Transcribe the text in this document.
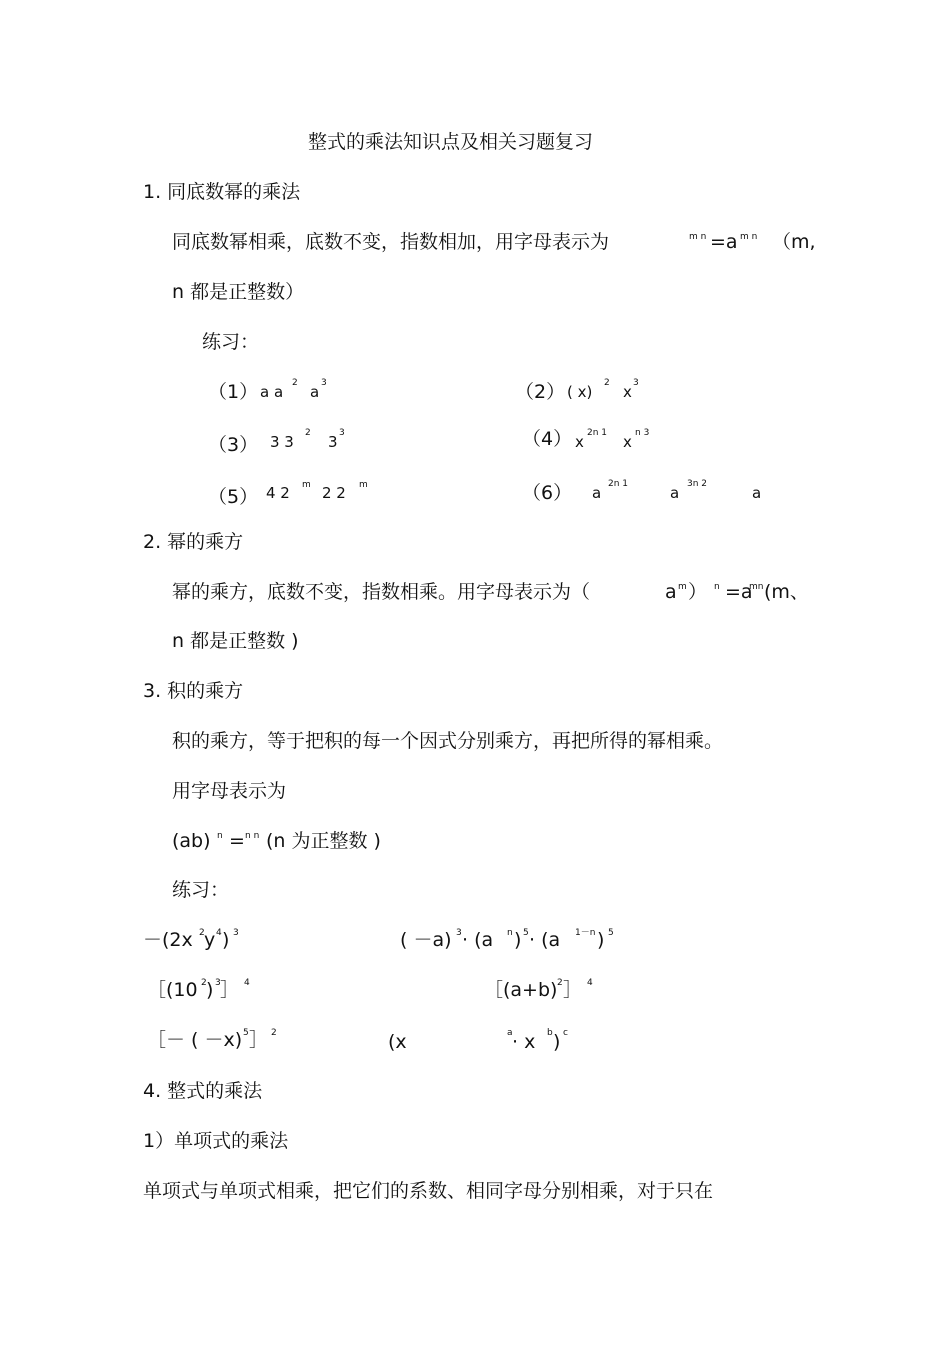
整式的乘法知识点及相关习题复习
1. 同底数幂的乘法
同底数幂相乘，底数不变，指数相加，用字母表示为	m n =a m n （m,
n 都是正整数）
练习：
（1） a a 2 a 3	（2） ( x) 2 x 3
（3） 3 3 2 3 3	（4） x 2n 1 x n 3
（5） 4 2 m 2 2 m	（6） a 2n 1	a 3n 2	a
2. 幂的乘方
幂的乘方，底数不变，指数相乘。用字母表示为（	a m ） n =a
mn (m、
n 都是正整数 )
3. 积的乘方
积的乘方，等于把积的每一个因式分别乘方，再把所得的幂相乘。
用字母表示为
(ab) n = n n (n 为正整数 )
练习：
－(2x 2 y 4 ) 3	( －a) 3 · (a n ) 5 · (a 1－n ) 5
［(10 2 ) 3 ］ 4	［(a+b) 2 ］ 4
［－ ( －x) 5 ］ 2	(x	a · x b ) c
4. 整式的乘法
1）单项式的乘法
单项式与单项式相乘，把它们的系数、相同字母分别相乘，对于只在
